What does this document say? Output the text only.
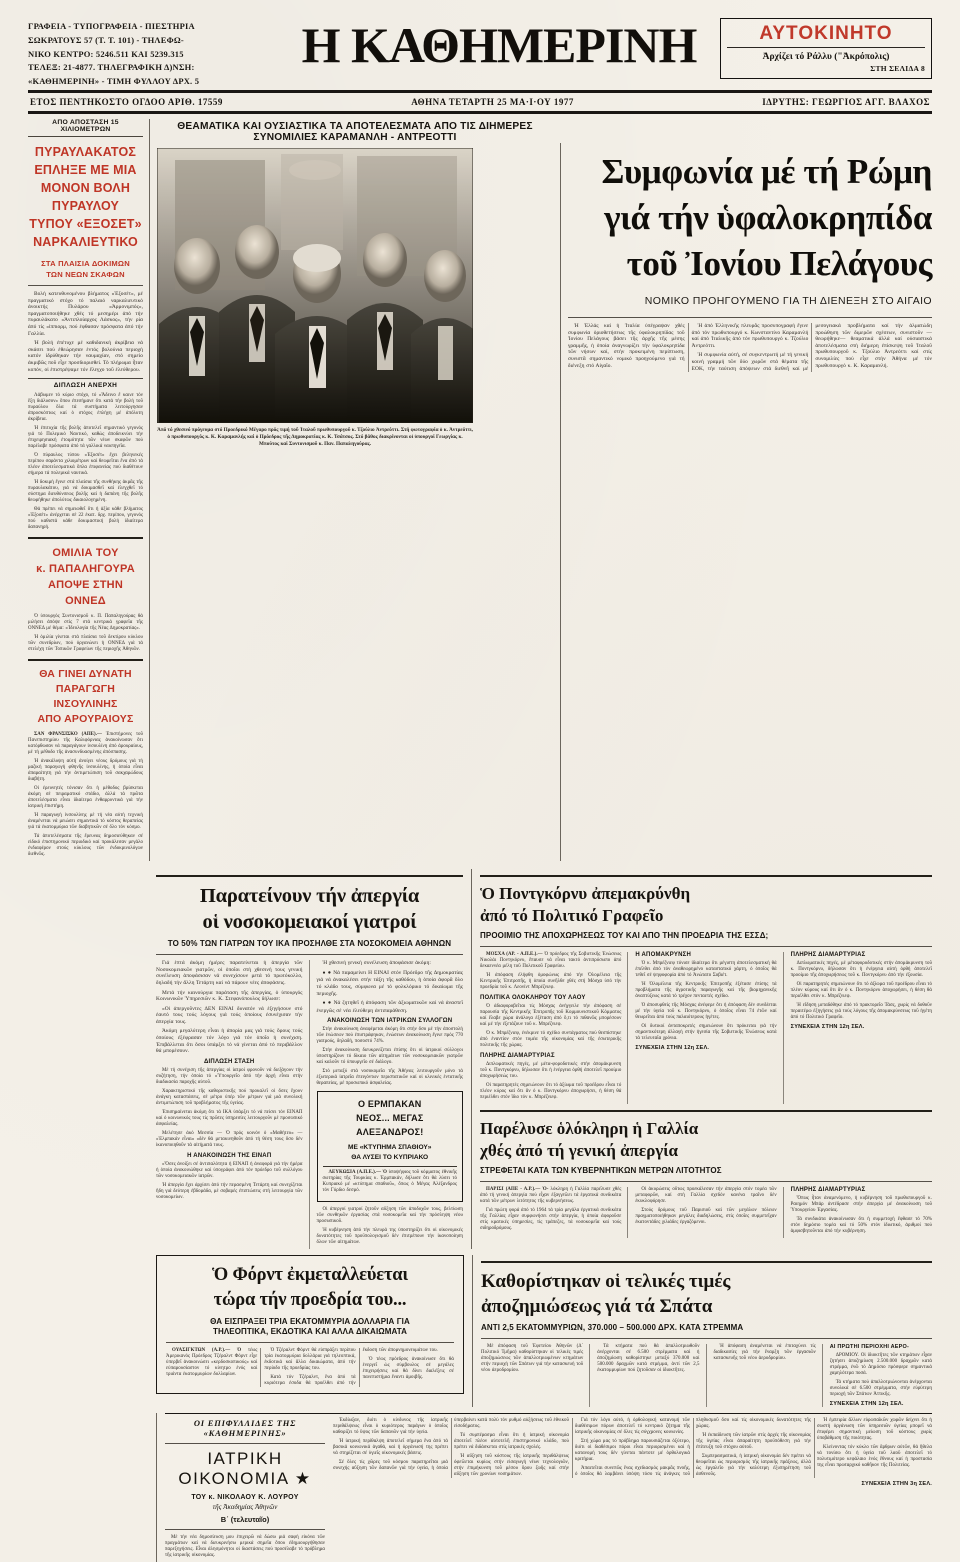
ΓΡΑΦΕΙΑ - ΤΥΠΟΓΡΑΦΕΙΑ - ΠΙΕΣΤΗΡΙΑ
ΣΩΚΡΑΤΟΥΣ 57 (Τ. Τ. 101) - ΤΗΛΕΦΩ-
ΝΙΚΟ ΚΕΝΤΡΟ: 5246.511 ΚΑΙ 5239.315
ΤΕΛΕΞ: 21-4877. ΤΗΛΕΓΡΑΦΙΚΗ Δ)ΝΣΗ:
«ΚΑΘΗΜΕΡΙΝΗ» - ΤΙΜΗ ΦΥΛΛΟΥ ΔΡΧ. 5
Η ΚΑΘΗΜΕΡΙΝΗ	ΑΥΤΟΚΙΝΗΤΟ
Ἀρχίζει τό Ράλλυ ("Ἀκρόπολις)
ΣΤΗ ΣΕΛΙΔΑ 8
ΕΤΟΣ ΠΕΝΤΗΚΟΣΤΟ ΟΓΔΟΟ ΑΡΙΘ. 17559	ΑΘΗΝΑ ΤΕΤΑΡΤΗ 25 ΜΑ·Ι·ΟΥ 1977	ΙΔΡΥΤΗΣ: ΓΕΩΡΓΙΟΣ ΑΓΓ. ΒΛΑΧΟΣ
ΑΠΟ ΑΠΟΣΤΑΣΗ 15 ΧΙΛΙΟΜΕΤΡΩΝ
ΠΥΡΑΥΛΑΚΑΤΟΣ
ΕΠΛΗΞΕ ΜΕ ΜΙΑ
ΜΟΝΟΝ ΒΟΛΗ
ΠΥΡΑΥΛΟΥ
ΤΥΠΟΥ «ΕΞΟΣΕΤ»
ΝΑΡΚΑΛΙΕΥΤΙΚΟ
ΣΤΑ ΠΛΑΙΣΙΑ ΔΟΚΙΜΩΝ
ΤΩΝ ΝΕΩΝ ΣΚΑΦΩΝ

Βολή κατευθυνομένου βλήματος «Ἐξοσέτ», μέ πραγματικό στόχο τό παλαιό ναρκαλιευτικό ἀνοικτής Πυλάρου «Ἀρμονιμπός», πραγματοποιήθηκε χθές τό μεσημέρι ἀπό τήν πυραυλάκατο «Ἀντιπλοίαρχος Λάσκος», τήν ρία ἀπό τίς «ἱππιορμ, πού ἐφθασαν πρόσφατα ἀπό τήν Γαλλία.

Ἡ βολή ἐπέτυχε μέ καθιδανική ἀκρίβεια νά σκάσει πού ἐθεώρησαν ἐντός βολούνια περιοχή κατόν ἱδρύθηκαν τήν ναυμαχίαν, στό σημείο ἀκριβῶς ποῦ εἶχε προσδιορισθεί. Τό πλήρωμα ἦταν κοπόν, οἱ ἐπιστρέψαμε τόν ἔλεγχο τοῦ ἐλεύθερου.

ΔΙΠΛΩΣΗ ΑΝΕΡΧΗ

Λάβωμεν τό κύριο στόχο, τό «Ἄδεινο ἔ καινε τόν ἕξη διάλυσον» ὅπου ἐπεσήμανε ὅτι κατά τήν βολή τοῦ πυραύλου ὅλα τά συστήματα λειτούργησαν ἀπροσκόπτως καί ὁ στόχος ἐπλήγη μέ ἀπόλυτη ἀκρίβεια.

Ἡ ἐπιτυχία τῆς βολῆς ἀποτελεῖ σημαντικό γεγονός γιά τό Πολεμικό Ναυτικό, καθώς ἀποδεικνύει τήν ἐπιχειρησιακή ἑτοιμότητα τῶν νέων σκαφῶν πού παρέλαβε πρόσφατα ἀπό τά γαλλικά ναυπηγεῖα.

Ὁ πύραυλος τύπου «Ἐξοσέτ» ἔχει βεληνεκές περίπου σαράντα χιλιομέτρων καί θεωρεῖται ἕνα ἀπό τά πλέον ἀποτελεσματικά ὅπλα ἐπιφανείας πού διαθέτουν σήμερα τά πολεμικά ναυτικά.

Ἡ δοκιμή ἔγινε στά πλαίσια τῆς συνθήκης ἀκρᾶς τῆς πυραυλακάτου, γιά νά δοκιμασθεῖ καί ἐλεγχθεῖ τό σύστημα διευθύνσεως βολῆς καί ἡ δαπάνη τῆς βολῆς θεωρήθηκε ἀπολύτως δικαιολογημένη.

Θά πρέπει νά σημειωθεῖ ὅτι ἡ ἀξία κάθε βλήματος «Ἐξοσέτ» ἀνέρχεται σέ 22 ἑκατ. δρχ. περίπου, γεγονός πού καθιστά κάθε δοκιμαστική βολή ἰδιαίτερα δαπανηρή.

ΟΜΙΛΙΑ ΤΟΥ
κ. ΠΑΠΑΛΗΓΟΥΡΑ
ΑΠΟΨΕ ΣΤΗΝ ΟΝΝΕΔ

Ὁ ὑπουργός Συντονισμοῦ κ. Π. Παπαληγούρας θά μιλήσει ἀπόψε στίς 7 στά κεντρικά γραφεῖα τῆς ΟΝΝΕΔ μέ θέμα: «Ἰδεολογία τῆς Νέας Δημοκρατίας».

Ἡ ὁμιλία γίνεται στά πλαίσια τοῦ δεκτίρου κύκλου τῶν συνεδρίων, πού ὀργανώνει ἡ ΟΝΝΕΔ γιά τά στελέχη τῶν Τοπικῶν Γραφείων τῆς περιοχῆς Ἀθηνῶν.

ΘΑ ΓΙΝΕΙ ΔΥΝΑΤΗ
ΠΑΡΑΓΩΓΗ ΙΝΣΟΥΛΙΝΗΣ
ΑΠΟ ΑΡΟΥΡΑΙΟΥΣ

ΣΑΝ ΦΡΑΝΣΙΣΚΟ (ΑΠΕ).— Ἐπιστήμονες τοῦ Πανεπιστημίου τῆς Καλιφόρνιας ἀνακοίνωσαν ὅτι κατόρθωσαν νά παραγάγουν ἰνσουλίνη ἀπό ἀρουραίους, μέ τή μέθοδο τῆς ἀνασυνδυασμένης ἀπόσπασης.

Ἡ ἀνακάλυψη αὐτή ἀνοίγει νέους δρόμους γιά τή μαζική παραγωγή φθηνῆς ἰνσουλίνης, ἡ ὁποία εἶναι ἀπαραίτητη γιά τήν ἀντιμετώπιση τοῦ σακχαρώδους διαβήτη.

Οἱ ἐρευνητές τόνισαν ὅτι ἡ μέθοδος βρίσκεται ἀκόμη σέ πειραματικό στάδιο, ἀλλά τά πρῶτα ἀποτελέσματα εἶναι ἰδιαίτερα ἐνθαρρυντικά γιά τήν ἰατρική ἐπιστήμη.

Ἡ παραγωγή ἰνσουλίνης μέ τή νέα αὐτή τεχνική ἀναμένεται νά μειώσει σημαντικά τό κόστος θεραπείας γιά τά ἑκατομμύρια τῶν διαβητικῶν σέ ὅλο τόν κόσμο.

Τά ἀποτελέσματα τῆς ἔρευνας δημοσιεύθηκαν σέ εἰδικό ἐπιστημονικό περιοδικό καί προκάλεσαν μεγάλο ἐνδιαφέρον στούς κύκλους τῶν ἐνδοκρινολόγων διεθνῶς.

ΘΕΑΜΑΤΙΚΑ ΚΑΙ ΟΥΣΙΑΣΤΙΚΑ ΤΑ ΑΠΟΤΕΛΕΣΜΑΤΑ ΑΠΟ ΤΙΣ ΔΙΗΜΕΡΕΣ ΣΥΝΟΜΙΛΙΕΣ ΚΑΡΑΜΑΝΛΗ - ΑΝΤΡΕΟΤΤΙ
Ἀπό τό χθεσινό πρόγευμα στό Προεδρικό Μέγαρο πρός τιμή τοῦ Ἰταλοῦ πρωθυπουργοῦ κ. Τζούλιο Ἀντρεόττι. Στή φωτογραφία ὁ κ. Ἀντρεόττι, ὁ πρωθυπουργός κ. Κ. Καραμανλής καί ὁ Πρόεδρος τῆς Δημοκρατίας κ. Κ. Τσάτσος. Στό βάθος διακρίνονται οἱ ὑπουργοί Γεωργίας κ. Μπούτος καί Συντονισμοῦ κ. Παν. Παπαληγούρας.
Συμφωνία μέ τή Ρώμη
γιά τήν ὑφαλοκρηπίδα
τοῦ Ἰονίου Πελάγους
ΝΟΜΙΚΟ ΠΡΟΗΓΟΥΜΕΝΟ ΓΙΑ ΤΗ ΔΙΕΝΕΞΗ ΣΤΟ ΑΙΓΑΙΟ

Ἡ Ἑλλάς καί ἡ Ἰταλία ὑπέγραψαν χθές συμφωνία ὁριοθετήσεως τῆς ὑφαλοκρηπίδας τοῦ Ἰονίου Πελάγους βάσει τῆς ἀρχῆς τῆς μέσης γραμμῆς, ἡ ὁποία ἀναγνωρίζει τήν ὑφαλοκρηπίδα τῶν νήσων καί, στήν προκειμένη περίπτωση, συνιστᾶ σημαντικό νομικό προηγούμενο γιά τή διένεξη στό Αἰγαῖο.

Ἡ ἀπό Ἑλληνικῆς πλευρᾶς προσυπογραφή ἔγινε ἀπό τόν πρωθυπουργό κ. Κωνσταντίνο Καραμανλή καί ἀπό Ἰταλικῆς ἀπό τόν πρωθυπουργό κ. Τζούλιο Ἀντρεόττι.

Ἡ συμφωνία αὐτή, σέ συγκεντρωτή μέ τή γενική κοινή γραμμή τῶν δύο χωρῶν στά θέματα τῆς ΕΟΚ, τήν ταύτιση ἀπόψεων στά διεθνῆ καί μέ μεσογειακά προβλήματα καί τήν ἀλματώδη προώθηση τῶν διμερῶν σχέσεων, συνιστοῦν —θεωρήθηκε— θεαματικά ἀλλά καί οὐσιαστικά ἀποτελέσματα στή διήμερη ἐπίσκεψη τοῦ Ἰταλοῦ πρωθυπουργοῦ κ. Τζούλιο Ἀντρεόττι καί στίς συνομιλίες πού εἶχε στήν Ἀθήνα μέ τόν πρωθυπουργό κ. Κ. Καραμανλή.

Παρατείνουν τήν ἀπεργία
οἱ νοσοκομειακοί γιατροί
ΤΟ 50% ΤΩΝ ΓΙΑΤΡΩΝ ΤΟΥ ΙΚΑ ΠΡΟΣΗΛΘΕ ΣΤΑ ΝΟΣΟΚΟΜΕΙΑ ΑΘΗΝΩΝ

Γιά ἑπτά ἀκόμη ἡμέρες παρατείνεται ἡ ἀπεργία τῶν Νοσοκομειακῶν γιατρῶν, οἱ ὁποῖοι στή χθεσινή τους γενική συνέλευση ἀποφάσισαν νά συνεχίσουν μετά τό πρωτόκολλο, δηλαδή τήν ἄλλη Τετάρτη καί νά πάρουν νέες ἀποφάσεις.

Μετά τήν καινούργια παράταση τῆς ἀπεργίας, ὁ ὑπουργός Κοινωνικῶν Ὑπηρεσιῶν κ. Κ. Στεφανόπουλος δήλωσε:

«Οἱ ἀπεργοῦντες ΔΕΝ ΕΙΝΑΙ δυνατόν νά ἐξηγήσουν στό ἑαυτό τους τούς λόγους γιά τούς ὁποίους ἐσυνέχισαν τήν ἀπεργία τους.

Ἀκόμη μεγαλύτερη εἶναι ἡ ἀπορία μας γιά τούς ὅρους τούς ὁποίους ἐξέφρασαν τόν λόγο γιά τόν ὁποῖο ἡ συνέχιση. Ἐπιβάλλεται ὅτι ὅσοι ὑπάρξει τό νά γίνεται ἀπό τό περιβάλλον θά μπορέσουν.

ΔΙΠΛΩΣΗ ΣΤΑΣΗ

Μέ τή συνέχιση τῆς ἀπεργίας οἱ ἰατροί φρονοῦν νά διεξάγουν τήν συζήτηση, τήν ὁποία τό «Ὑπουργεῖο ἀπό τήν ἀρχή εἶναι στήν διαδικασία παροχῆς αὐτοῦ.

Χαρακτηριστικό τῆς καθοριστικῆς πού προκαλεῖ οἱ ὅσες ἔχουν ἀνάγκη καταστάσεις, σέ μέτρο ὑπέρ τῶν μέτρων γιά μιά συνολική ἀντιμετώπιση τοῦ προβλήματος τῆς ὑγείας.

Ἐπισημαίνεται ἀκόμη ὅτι τά ΙΚΑ ὑπάρξει τό νά πείσει τόν ΕΙΝΑΠ καί ὁ κοινωνικός τους τίς πρῶτες ὑπηρεσίες λειτουργοῦν μέ προσωπικό ἀσφαλείας.

Μελέτησε ἀκό Μεσσία — Ὁ πρός κοινόν ὁ «Μαθήτευ» — «Ἑλμπακάν εἶναι» «δέν θά μετακινηθοῦν ἀπό τή θέση τους ὅσο δέν ἱκανοποιηθοῦν τά αἰτήματά τους.

Η ΑΝΑΚΟΙΝΩΣΗ ΤΗΣ ΕΙΝΑΠ

«Ὅσες ἀνοίξει σέ ἀντιπαλότητα ἡ ΕΙΝΑΠ ἡ ἀναφορά γιά τήν ἡμέρα ἡ ὁποία ἀνακοινώθηκε καί ὑπογράφει ἀπό τόν πρόεδρο τοῦ συλλόγου τῶν νοσοκομειακῶν ἰατρῶν.

Ἡ ἀπεργία ἔχει ἀρχίσει ἀπό τήν περασμένη Τετάρτη καί συνεχίζεται ἤδη γιά δεύτερη ἑβδομάδα, μέ σοβαρές ἐπιπτώσεις στή λειτουργία τῶν νοσοκομείων.

Ἡ χθεσινή γενική συνέλευση ἀποφάσισε ἀκόμη:

● ● Νά παραμείνει Η ΕΙΝΑΙ στόν Πρόεδρο τῆς Δημοκρατίας γιά νά ἀνακαλέσει στήν τάξη τῆς καθόδου, ἡ ὁποία ἀφορᾶ ὅλο τό κλάδο τους, σύμφωνα μέ τό φολκλόρικο τό δικαίωμα τῆς περιοχῆς.

● ● Νά ζητηθεῖ ἡ ἀπόφαση τῶν ἀξιωματικῶν καί νά ἀναστεῖ ἐνεργῶς σέ νέα ἐλεύθερη ἀντιπαράθεση.

ΑΝΑΚΟΙΝΩΣΗ ΤΩΝ ΙΑΤΡΙΚΩΝ ΣΥΛΛΟΓΩΝ

Στήν ἀνακοίνωση ἀναφέρεται ἀκόμη ὅτι στήν ὅσο μέ τήν ἀποστολή τῶν ἑνώσεων πού ἐπιστράφηκαν, ἑνώσεων ἀνακοίνωση ἔγινε πρός 770 γιατρούς, δηλαδή, ποσοστό 74%.

Στήν ἀνακοίνωση διευκρινίζεται ἐπίσης ὅτι οἱ ἰατρικοί σύλλογοι ὑποστηρίζουν τό δίκαιο τῶν αἰτημάτων τῶν νοσοκομειακῶν γιατρῶν καί καλοῦν τό ὑπουργεῖο σέ διάλογο.

Στό μεταξύ στά νοσοκομεῖα τῆς Ἀθήνας λειτουργοῦν μόνο τά ἐξωτερικά ἰατρεῖα ἐπειγόντων περιστατικῶν καί οἱ κλινικές ἐντατικῆς θεραπείας, μέ προσωπικό ἀσφαλείας.

Ο ΕΡΜΠΑΚΑΝ
ΝΕΟΣ... ΜΕΓΑΣ
ΑΛΕΞΑΝΔΡΟΣ!
ΜΕ «ΚΤΥΠΗΜΑ ΣΠΑΘΙΟΥ»
ΘΑ ΛΥΣΕΙ ΤΟ ΚΥΠΡΙΑΚΟ

ΛΕΥΚΩΣΙΑ (Α.Π.Ε.).— Ὁ ὑποψήφιος τοῦ κόμματος ἐθνικῆς σωτηρίας τῆς Τουρκίας κ. Ἐρμπακάν, δήλωσε ὅτι θά λύσει τό Κυπριακό μέ «κτύπημα σπαθιοῦ», ὅπως ὁ Μέγας Ἀλέξανδρος τόν Γόρδιο δεσμό.

Οἱ ἀπεργοί γιατροί ζητοῦν αὔξηση τῶν ἀποδοχῶν τους, βελτίωση τῶν συνθηκῶν ἐργασίας στά νοσοκομεῖα καί τήν πρόσληψη νέου προσωπικοῦ.

Ἡ κυβέρνηση ἀπό τήν πλευρά της ὑποστηρίζει ὅτι οἱ οἰκονομικές δυνατότητες τοῦ προϋπολογισμοῦ δέν ἐπιτρέπουν τήν ἱκανοποίηση ὅλων τῶν αἰτημάτων.

Ὁ Ποντγκόρνυ ἀπεμακρύνθη
ἀπό τό Πολιτικό Γραφεῖο
ΠΡΟΟΙΜΙΟ ΤΗΣ ΑΠΟΧΩΡΗΣΕΩΣ ΤΟΥ ΚΑΙ ΑΠΟ ΤΗΝ ΠΡΟΕΔΡΙΑ ΤΗΣ ΕΣΣΔ;

ΜΟΣΧΑ (ΑΡ. - Α.Π.Ε.).— Ὁ πρόεδρος τῆς Σοβιετικῆς Ἑνώσεως Νικολάι Ποντγκόρνυ, ἔπαυσε νά εἶναι τακτό ἀντιπρόσωπο ἀπό δεκαεννέα μέλη τοῦ Πολιτικοῦ Γραφείου.

Ἡ ἀπόφαση ἐλήφθη ὁμοφώνως ἀπό τήν Ὁλομέλεια τῆς Κεντρικῆς Ἐπιτροπῆς, ἡ ὁποία συνῆλθε χθές στή Μόσχα ὑπό τήν προεδρία τοῦ κ. Λεονίντ Μπρέζνιεφ.

ΠΟΛΙΤΙΚΑ ΟΛΟΚΛΗΡΟΥ ΤΟΥ ΛΑΟΥ

Ὁ ἀδιαφοροβεῖται τίς Μόσχας ἀνήγγειλε τήν ἀπόφαση σέ παρουσία τῆς Κεντρικῆς Ἐπιτροπῆς τοῦ Κομμουνιστικοῦ Κόμματος καί ἔλαβε χώρα ἀνάλογα ἐξέταση ἀπό ὅ,τι τό πιθανῶς μπορέσουν καί μέ τήν ἐξετάζουν τοῦ κ. Μπρέζνιεφ.

Ὁ κ. Μπρέζνιεφ, ἐνέκρινε τό σχέδιο συντάγματος πού θεσπίστηκε ἀπό ἐναντίον στόν τομέα τῆς οἰκονομίας καί τῆς ἐσωτερικῆς πολιτικῆς τῆς χώρας.

ΠΛΗΡΗΣ ΔΙΑΜΑΡΤΥΡΙΑΣ

Διπλωματικές πηγές, μέ μέτα-φοροδοτικές στήν ἀπομάκρυνση τοῦ κ. Ποντγκόρνυ, δήλωσαν ὅτι ἡ ἐνέργεια ὀρθή ἀποτελεῖ προοίμιο ἀποχωρήσεώς του.

Οἱ παρατηρητές σημειώνουν ὅτι τό ἀξίωμα τοῦ προέδρου εἶναι τό πλέον κύρος καί ὅτι ἄν ὁ κ. Ποντγκόρνυ ἀποχωρήσει, ἡ θέση θά περιέλθει στόν ἴδιο τόν κ. Μπρέζνιεφ.

Η ΑΠΟΜΑΚΡΥΝΣΗ

Ὁ κ. Μπρέζνιεφ τόνισε ἰδιαίτερα ὅτι μέγιστη ἀποτελεσματική θά ἐπέλθει ἀπό τόν ἀναθεωρημένο καταστατικό χάρτη, ὁ ὁποῖος θά τεθεῖ σέ ψηφοφορία ἀπό τό Ἀνώτατο Σοβιέτ.

Ἡ Ὁλομέλεια τῆς Κεντρικῆς Ἐπιτροπῆς ἐξέτασε ἐπίσης τά προβλήματα τῆς ἀγροτικῆς παραγωγῆς καί τῆς βιομηχανικῆς ἀναπτύξεως κατά τό τρέχον πενταετές σχέδιο.

Ὁ ἀποσυρθείς τῆς Μόσχας ἀνέφερε ὅτι ἡ ἀπόφαση δέν συνδέεται μέ τήν ὑγεία τοῦ κ. Ποντγκόρνυ, ὁ ὁποῖος εἶναι 74 ἐτῶν καί θεωρεῖται ἀπό τούς παλαιότερους ἡγέτες.

Οἱ δυτικοί ἀνταποκριτές σημειώνουν ὅτι πρόκειται γιά τήν σημαντικότερη ἀλλαγή στήν ἡγεσία τῆς Σοβιετικῆς Ἑνώσεως κατά τά τελευταῖα χρόνια.

ΣΥΝΕΧΕΙΑ ΣΤΗΝ 12η ΣΕΛ.
ΠΛΗΡΗΣ ΔΙΑΜΑΡΤΥΡΙΑΣ

Διπλωματικές πηγές, μέ μέταφοροδοτικές στήν ἀπομάκρυνση τοῦ κ. Ποντγκόρνυ, δήλωσαν ὅτι ἡ ἐνέργεια αὐτή ὀρθή ἀποτελεῖ προοίμιο τῆς ἀποχωρήσεως τοῦ κ. Ποντγκόρνυ ἀπό τήν ἐξουσία.

Οἱ παρατηρητές σημειώνουν ὅτι τό ἀξίωμα τοῦ προέδρου εἶναι τό πλέον κύρους καί ὅτι ἄν ὁ κ. Ποντγκόρνυ ἀποχωρήσει, ἡ θέση θά περιέλθει στόν κ. Μπρέζνιεφ.

Ἡ εἴδηση μεταδόθηκε ἀπό τό πρακτορεῖο Τάσς, χωρίς νά δοθοῦν περαιτέρω ἐξηγήσεις γιά τούς λόγους τῆς ἀπομακρύνσεως τοῦ ἡγέτη ἀπό τό Πολιτικό Γραφεῖο.

ΣΥΝΕΧΕΙΑ ΣΤΗΝ 12η ΣΕΛ.
Παρέλυσε ὁλόκληρη ἡ Γαλλία
χθές ἀπό τή γενική ἀπεργία
ΣΤΡΕΦΕΤΑΙ ΚΑΤΑ ΤΩΝ ΚΥΒΕΡΝΗΤΙΚΩΝ ΜΕΤΡΩΝ ΛΙΤΟΤΗΤΟΣ

ΠΑΡΙΣΙ (ΑΠΕ - Α.Ρ.).— Ὁ- λόκληρη ἡ Γαλλία παρέλυσε χθές ἀπό τή γενική ἀπεργία πού εἶχαν ἐξαγγείλει τά ἐργατικά συνδικάτα κατά τῶν μέτρων λιτότητος τῆς κυβερνήσεως.

Γιά πρώτη φορά ἀπό τό 1964 τά τρία μεγάλα ἐργατικά συνδικάτα τῆς Γαλλίας εἶχαν συμφωνήσει στήν ἀπεργία, ἡ ὁποία ἀφοροῦσε στίς κρατικές ὑπηρεσίες, τίς τράπεζες, τά νοσοκομεῖα καί τούς σιδηροδρόμους.

Οἱ ἀκυρώσεις οὕτως προεκάλεσαν τήν ἀπεργία στόν τομέα τῶν μεταφορῶν, καί στή Γαλλία σχεδόν κανένα τραῖνο δέν ἐκυκλοφόρησε.

Στούς δρόμους τοῦ Παρισιοῦ καί τῶν μεγάλων πόλεων πραγματοποιήθηκαν μεγάλες διαδηλώσεις, στίς ὁποῖες συμμετεῖχαν ἑκατοντάδες χιλιάδες ἐργαζόμενοι.

ΠΛΗΡΗΣ ΔΙΑΜΑΡΤΥΡΙΑΣ

Ὅπως ἦταν ἀναμενόμενο, ἡ κυβέρνηση τοῦ πρωθυπουργοῦ κ. Ραιημόν Μπάρ ἀντέδρασε στήν ἀπεργία μέ ἀνακοίνωση τοῦ Ὑπουργείου Ἐργασίας.

Τά συνδικάτα ἀνακοίνωσαν ὅτι ἡ συμμετοχή ἔφθασε τό 70% στόν δημόσιο τομέα καί τό 50% στόν ἰδιωτικό, ἀριθμοί πού ἀμφισβητοῦνται ἀπό τήν κυβέρνηση.

Ὁ Φόρντ ἐκμεταλλεύεται
τώρα τήν προεδρία του...
ΘΑ ΕΙΣΠΡΑΞΕΙ ΤΡΙΑ ΕΚΑΤΟΜΜΥΡΙΑ ΔΟΛΛΑΡΙΑ ΓΙΑ
ΤΗΛΕΟΠΤΙΚΑ, ΕΚΔΟΤΙΚΑ ΚΑΙ ΑΛΛΑ ΔΙΚΑΙΩΜΑΤΑ

ΟΥΑΣΙΓΚΤΩΝ (Α.Ρ.).— Ὁ τέως Ἀμερικανός Πρόεδρος Τζέραλντ Φόρντ εἶχε ὑπερβεῖ ἀνακοινώσει «κερδοσκοπικούς» καί εὐπαρουσίαστον τό κίνητρο ἑνός καί τριάντα ἑκατομμυρίων δολλαρίων.

Ὁ Τζέραλντ Φόρντ θά εἰσπράξει περίπου τρία ἑκατομμύρια δολλάρια γιά τηλεοπτικά, ἐκδοτικά καί ἄλλα δικαιώματα, ἀπό τήν περίοδο τῆς προεδρίας του.

Κατά τόν Τζέραλντ, ἕνα ἀπό τά κυριότερα ἐσοδα θά προέλθει ἀπό τήν ἔκδοση τῶν ἀπομνημονευμάτων του.

Ὁ τέως πρόεδρος ἀνακοίνωσε ὅτι θά ἐνεργεῖ ὡς σύμβουλος σέ μεγάλες ἐπιχειρήσεις καί θά δίνει διαλέξεις σέ πανεπιστήμια ἔναντι ἀμοιβῆς.

Καθορίστηκαν οἱ τελικές τιμές
ἀποζημιώσεως γιά τά Σπάτα
ΑΝΤΙ 2,5 ΕΚΑΤΟΜΜΥΡΙΩΝ, 370.000 – 500.000 ΔΡΧ. ΚΑΤΑ ΣΤΡΕΜΜΑ

Μέ ἀπόφαση τοῦ Ἐφετείου Ἀθηνῶν (Δ΄ Πολιτικό Τμῆμα) καθορίστηκαν οἱ τελικές τιμές ἀποζημιώσεως τῶν ἀπαλλοτριωμένων κτημάτων στήν περιοχή τῶν Σπάτων γιά τήν κατασκευή τοῦ νέου ἀεροδρομίου.

Τά κτήματα πού θά ἀπαλλοτριωθοῦν ἀνέρχονται σέ 6.500 στρέμματα καί ἡ ἀποζημίωση καθορίστηκε μεταξύ 370.000 καί 500.000 δραχμῶν κατά στρέμμα, ἀντί τῶν 2,5 ἑκατομμυρίων πού ζητοῦσαν οἱ ἰδιοκτῆτες.

Ἡ ἀπόφαση ἀναμένεται νά ἐπιταχύνει τίς διαδικασίες γιά τήν ἔναρξη τῶν ἐργασιῶν κατασκευῆς τοῦ νέου ἀεροδρομίου.

ΑΙ ΠΡΩΤΗΙ ΠΕΡΙΟΧΗΙ ΑΕΡΟ-

ΔΡΟΜΙΟΥ. Οἱ ἰδιοκτῆτες τῶν κτημάτων εἶχαν ζητήσει ἀποζημίωση 2.500.000 δραχμῶν κατά στρέμμα, ἐνῶ τό Δημόσιο πρόσφερε σημαντικά χαμηλότερα ποσά.

Τά κτήματα πού ἀπαλλοτριώνονται ἀνέρχονται συνολικά σέ 6.500 στρέμματα, στήν εὐρύτερη περιοχή τῶν Σπάτων Ἀττικῆς.

ΣΥΝΕΧΕΙΑ ΣΤΗΝ 12η ΣΕΛ.
ΟΙ ΕΠΙΦΥΛΛΙΔΕΣ ΤΗΣ «ΚΑΘΗΜΕΡΙΝΗΣ»
ΙΑΤΡΙΚΗ ΟΙΚΟΝΟΜΙΑ ★
ΤΟΥ κ. ΝΙΚΟΛΑΟΥ Κ. ΛΟΥΡΟΥ
τῆς Ἀκαδημίας Ἀθηνῶν
Β΄ (τελευταῖο)

Μέ τήν νέα δημοσίευση μου ἐπιχειρῶ νά δώσω μιά σαφή εἰκόνα τῶν πραγμάτων καί νά διευκρινήσω μερικά σημεῖα ὅπου ἐδημιουργήθησαν παρεξηγήσεις. Εἶναι ἀλησμόνητοι οἱ διαστάσεις πού προσέλαβε τό πρόβλημα τῆς ἰατρικῆς οἰκονομίας.

Ἐκδίωξαν, διότι ὁ κίνδυνος τῆς ἰατρικῆς περιθάλψεως εἶναι ὁ κυριότερος παράγων ὁ ὁποῖος καθορίζει τό ὕψος τῶν δαπανῶν γιά τήν ὑγεία.

Ἡ ἰατρική περίθαλψη ἀποτελεῖ σήμερα ἕνα ἀπό τά βασικά κοινωνικά ἀγαθά, καί ἡ ὀργάνωσή της πρέπει νά στηρίζεται σέ ὑγιεῖς οἰκονομικές βάσεις.

Σέ ὅλες τίς χῶρες τοῦ κόσμου παρατηρεῖται μιά συνεχής αὔξηση τῶν δαπανῶν γιά τήν ὑγεία, ἡ ὁποία ὑπερβαίνει κατά πολύ τόν ρυθμό αὐξήσεως τοῦ ἐθνικοῦ εἰσοδήματος.

Τό συμπέρασμα εἶναι ὅτι ἡ ἰατρική οἰκονομία ἀποτελεῖ πλέον αὐτοτελῆ ἐπιστημονικό κλάδο, πού πρέπει νά διδάσκεται στίς ἰατρικές σχολές.

Ἡ αὔξηση τοῦ κόστους τῆς ἰατρικῆς περιθάλψεως ὀφείλεται κυρίως στήν εἰσαγωγή νέων τεχνολογιῶν, στήν ἐπιμήκυνση τοῦ μέσου ὅρου ζωῆς καί στήν αὔξηση τῶν χρονίων νοσημάτων.

Γιά τόν λόγο αὐτό, ἡ ὀρθολογική κατανομή τῶν διαθέσιμων πόρων ἀποτελεῖ τό κεντρικό ζήτημα τῆς ἰατρικῆς οἰκονομίας σέ ὅλες τίς σύγχρονες κοινωνίες.

Στή χώρα μας τό πρόβλημα παρουσιάζεται ὀξύτερο, διότι οἱ διαθέσιμοι πόροι εἶναι περιορισμένοι καί ἡ κατανομή τους δέν γίνεται πάντοτε μέ ὀρθολογικά κριτήρια.

Ἀπαιτεῖται συνεπῶς ἕνας σχεδιασμός μακρᾶς πνοῆς, ὁ ὁποῖος θά λαμβάνει ὑπόψη τόσο τίς ἀνάγκες τοῦ πληθυσμοῦ ὅσο καί τίς οἰκονομικές δυνατότητες τῆς χώρας.

Ἡ ἐκπαίδευση τῶν ἰατρῶν στίς ἀρχές τῆς οἰκονομίας τῆς ὑγείας εἶναι ἀπαραίτητη προϋπόθεση γιά τήν ἐπίτευξη τοῦ στόχου αὐτοῦ.

Συμπερασματικά, ἡ ἰατρική οἰκονομία δέν πρέπει νά θεωρεῖται ὡς περιορισμός τῆς ἰατρικῆς πράξεως, ἀλλά ὡς ἐργαλεῖο γιά τήν καλύτερη ἐξυπηρέτηση τοῦ ἀσθενοῦς.

Ἡ ἐμπειρία ἄλλων εὐρωπαϊκῶν χωρῶν δείχνει ὅτι ἡ σωστή ὀργάνωση τῶν ὑπηρεσιῶν ὑγείας μπορεῖ νά ἐπιφέρει σημαντική μείωση τοῦ κόστους χωρίς ὑποβάθμιση τῆς ποιότητας.

Κλείνοντας τόν κύκλο τῶν ἄρθρων αὐτῶν, θά ἤθελα νά τονίσω ὅτι ἡ ὑγεία τοῦ λαοῦ ἀποτελεῖ τό πολυτιμότερο κεφάλαιο ἑνός ἔθνους καί ἡ προστασία της εἶναι πρωταρχικό καθῆκον τῆς Πολιτείας.

ΣΥΝΕΧΕΙΑ ΣΤΗΝ 3η ΣΕΛ.
